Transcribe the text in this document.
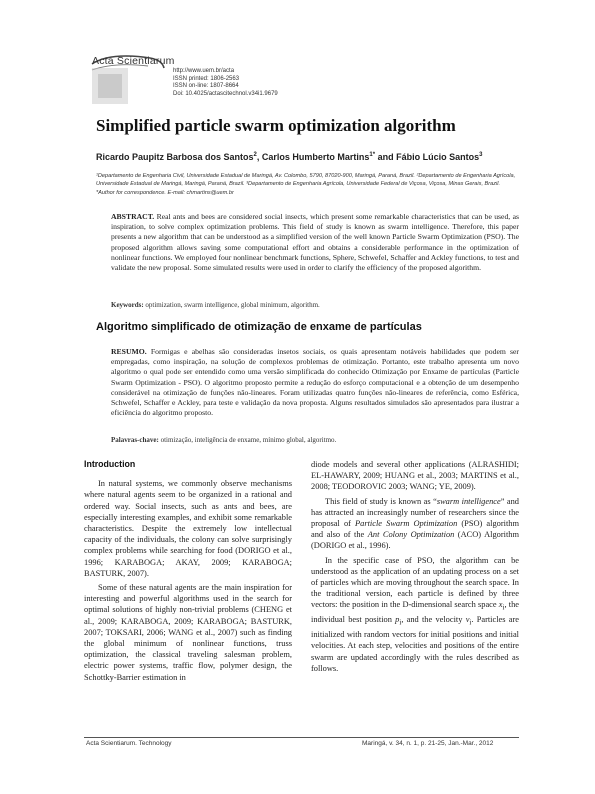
Acta Scientiarum
http://www.uem.br/acta
ISSN printed: 1806-2563
ISSN on-line: 1807-8664
Doi: 10.4025/actascitechnol.v34i1.9679
Simplified particle swarm optimization algorithm
Ricardo Paupitz Barbosa dos Santos$^2$, Carlos Humberto Martins$^{1*}$ and Fábio Lúcio Santos$^3$
¹Departamento de Engenharia Civil, Universidade Estadual de Maringá, Av. Colombo, 5790, 87020-900, Maringá, Paraná, Brazil. ²Departamento de Engenharia Agrícola, Universidade Estadual de Maringá, Maringá, Paraná, Brazil. ³Departamento de Engenharia Agrícola, Universidade Federal de Viçosa, Viçosa, Minas Gerais, Brazil. *Author for correspondence. E-mail: chmartins@uem.br
ABSTRACT. Real ants and bees are considered social insects, which present some remarkable characteristics that can be used, as inspiration, to solve complex optimization problems. This field of study is known as swarm intelligence. Therefore, this paper presents a new algorithm that can be understood as a simplified version of the well known Particle Swarm Optimization (PSO). The proposed algorithm allows saving some computational effort and obtains a considerable performance in the optimization of nonlinear functions. We employed four nonlinear benchmark functions, Sphere, Schwefel, Schaffer and Ackley functions, to test and validate the new proposal. Some simulated results were used in order to clarify the efficiency of the proposed algorithm.
Keywords: optimization, swarm intelligence, global minimum, algorithm.
Algoritmo simplificado de otimização de enxame de partículas
RESUMO. Formigas e abelhas são consideradas insetos sociais, os quais apresentam notáveis habilidades que podem ser empregadas, como inspiração, na solução de complexos problemas de otimização. Portanto, este trabalho apresenta um novo algoritmo o qual pode ser entendido como uma versão simplificada do conhecido Otimização por Enxame de partículas (Particle Swarm Optimization - PSO). O algoritmo proposto permite a redução do esforço computacional e a obtenção de um desempenho considerável na otimização de funções não-lineares. Foram utilizadas quatro funções não-lineares de referência, como Esférica, Schwefel, Schaffer e Ackley, para teste e validação da nova proposta. Alguns resultados simulados são apresentados para ilustrar a eficiência do algoritmo proposto.
Palavras-chave: otimização, inteligência de enxame, mínimo global, algoritmo.

Introduction

In natural systems, we commonly observe mechanisms where natural agents seem to be organized in a rational and ordered way. Social insects, such as ants and bees, are especially interesting examples, and exhibit some remarkable characteristics. Despite the extremely low intellectual capacity of the individuals, the colony can solve surprisingly complex problems while searching for food (DORIGO et al., 1996; KARABOGA; AKAY, 2009; KARABOGA; BASTURK, 2007).

Some of these natural agents are the main inspiration for interesting and powerful algorithms used in the search for optimal solutions of highly non-trivial problems (CHENG et al., 2009; KARABOGA, 2009; KARABOGA; BASTURK, 2007; TOKSARI, 2006; WANG et al., 2007) such as finding the global minimum of nonlinear functions, truss optimization, the classical traveling salesman problem, electric power systems, traffic flow, polymer design, the Schottky-Barrier estimation in

diode models and several other applications (ALRASHIDI; EL-HAWARY, 2009; HUANG et al., 2003; MARTINS et al., 2008; TEODOROVIC 2003; WANG; YE, 2009).

This field of study is known as “swarm intelligence” and has attracted an increasingly number of researchers since the proposal of Particle Swarm Optimization (PSO) algorithm and also of the Ant Colony Optimization (ACO) Algorithm (DORIGO et al., 1996).

In the specific case of PSO, the algorithm can be understood as the application of an updating process on a set of particles which are moving throughout the search space. In the traditional version, each particle is defined by three vectors: the position in the D-dimensional search space $x_i$, the individual best position $p_i$, and the velocity $v_i$. Particles are initialized with random vectors for initial positions and initial velocities. At each step, velocities and positions of the entire swarm are updated accordingly with the rules described as follows.

Acta Scientiarum. Technology	Maringá, v. 34, n. 1, p. 21-25, Jan.-Mar., 2012
